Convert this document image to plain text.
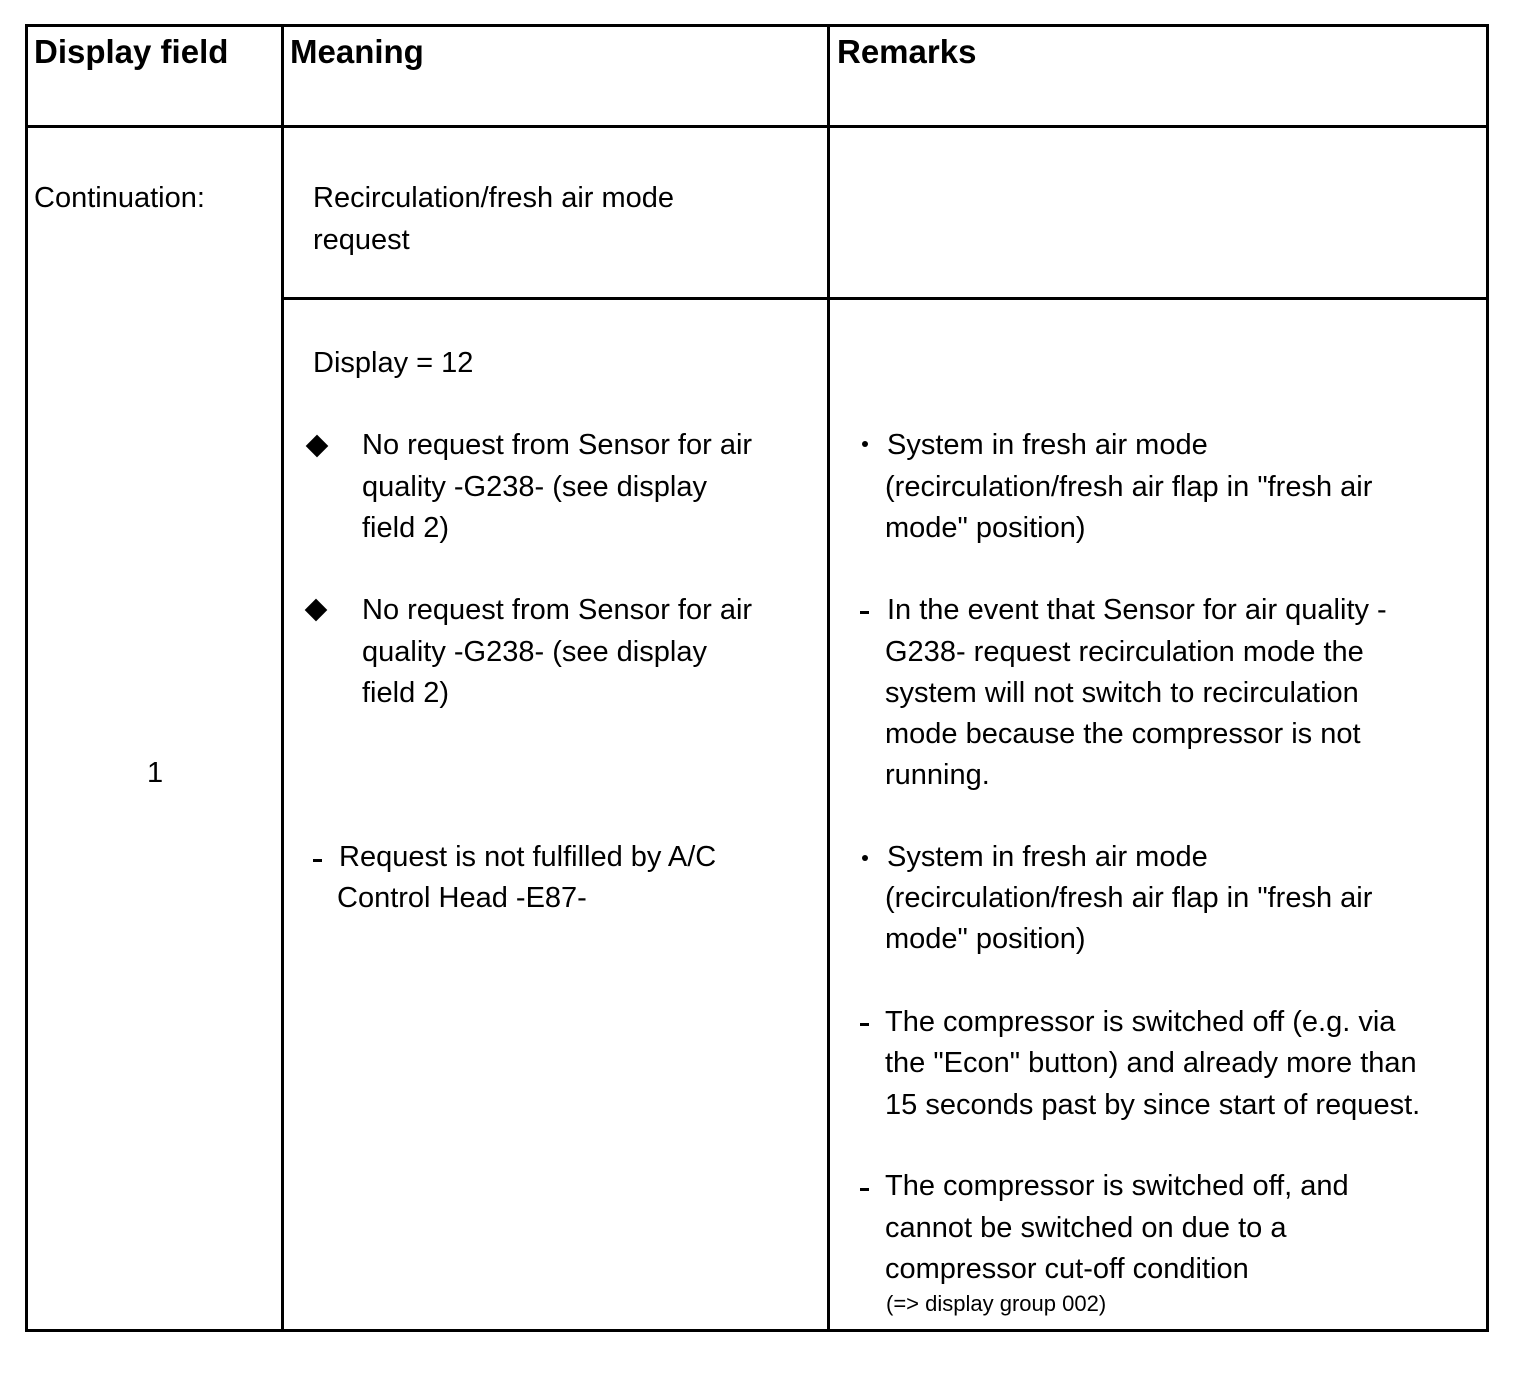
Display field Meaning	Remarks
Continuation:
1
Recirculation/fresh air mode
request
Display = 12
No request from Sensor for air
quality -G238- (see display
field 2)
No request from Sensor for air
quality -G238- (see display
field 2)
Request is not fulfilled by A/C
Control Head -E87-
System in fresh air mode
(recirculation/fresh air flap in "fresh air
mode" position)
In the event that Sensor for air quality -
G238- request recirculation mode the
system will not switch to recirculation
mode because the compressor is not
running.
System in fresh air mode
(recirculation/fresh air flap in "fresh air
mode" position)
The compressor is switched off (e.g. via
the "Econ" button) and already more than
15 seconds past by since start of request.
The compressor is switched off, and
cannot be switched on due to a
compressor cut-off condition
(=> display group 002)
